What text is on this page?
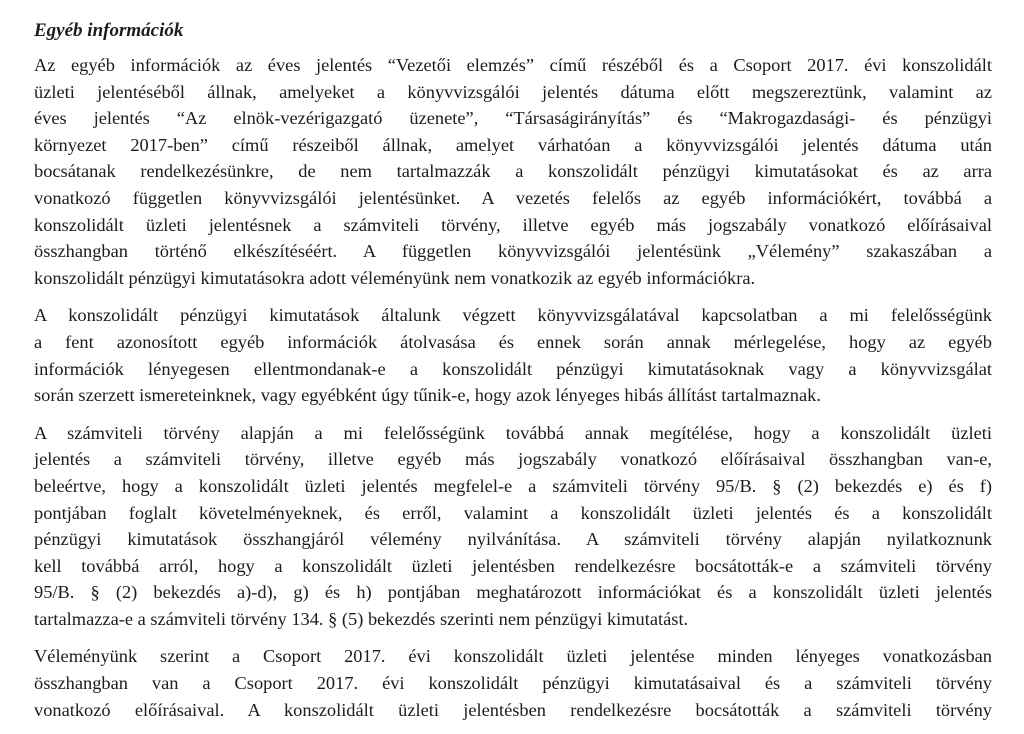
Egyéb információk
Az egyéb információk az éves jelentés “Vezetői elemzés” című részéből és a Csoport 2017. évi konszolidált
üzleti jelentéséből állnak, amelyeket a könyvvizsgálói jelentés dátuma előtt megszereztünk, valamint az
éves jelentés “Az elnök-vezérigazgató üzenete”, “Társaságirányítás” és “Makrogazdasági- és pénzügyi
környezet 2017-ben” című részeiből állnak, amelyet várhatóan a könyvvizsgálói jelentés dátuma után
bocsátanak rendelkezésünkre, de nem tartalmazzák a konszolidált pénzügyi kimutatásokat és az arra
vonatkozó független könyvvizsgálói jelentésünket. A vezetés felelős az egyéb információkért, továbbá a
konszolidált üzleti jelentésnek a számviteli törvény, illetve egyéb más jogszabály vonatkozó előírásaival
összhangban történő elkészítéséért. A független könyvvizsgálói jelentésünk „Vélemény” szakaszában a
konszolidált pénzügyi kimutatásokra adott véleményünk nem vonatkozik az egyéb információkra.
A konszolidált pénzügyi kimutatások általunk végzett könyvvizsgálatával kapcsolatban a mi felelősségünk
a fent azonosított egyéb információk átolvasása és ennek során annak mérlegelése, hogy az egyéb
információk lényegesen ellentmondanak-e a konszolidált pénzügyi kimutatásoknak vagy a könyvvizsgálat
során szerzett ismereteinknek, vagy egyébként úgy tűnik-e, hogy azok lényeges hibás állítást tartalmaznak.
A számviteli törvény alapján a mi felelősségünk továbbá annak megítélése, hogy a konszolidált üzleti
jelentés a számviteli törvény, illetve egyéb más jogszabály vonatkozó előírásaival összhangban van-e,
beleértve, hogy a konszolidált üzleti jelentés megfelel-e a számviteli törvény 95/B. § (2) bekezdés e) és f)
pontjában foglalt követelményeknek, és erről, valamint a konszolidált üzleti jelentés és a konszolidált
pénzügyi kimutatások összhangjáról vélemény nyilvánítása. A számviteli törvény alapján nyilatkoznunk
kell továbbá arról, hogy a konszolidált üzleti jelentésben rendelkezésre bocsátották-e a számviteli törvény
95/B. § (2) bekezdés a)-d), g) és h) pontjában meghatározott információkat és a konszolidált üzleti jelentés
tartalmazza-e a számviteli törvény 134. § (5) bekezdés szerinti nem pénzügyi kimutatást.
Véleményünk szerint a Csoport 2017. évi konszolidált üzleti jelentése minden lényeges vonatkozásban
összhangban van a Csoport 2017. évi konszolidált pénzügyi kimutatásaival és a számviteli törvény
vonatkozó előírásaival. A konszolidált üzleti jelentésben rendelkezésre bocsátották a számviteli törvény
